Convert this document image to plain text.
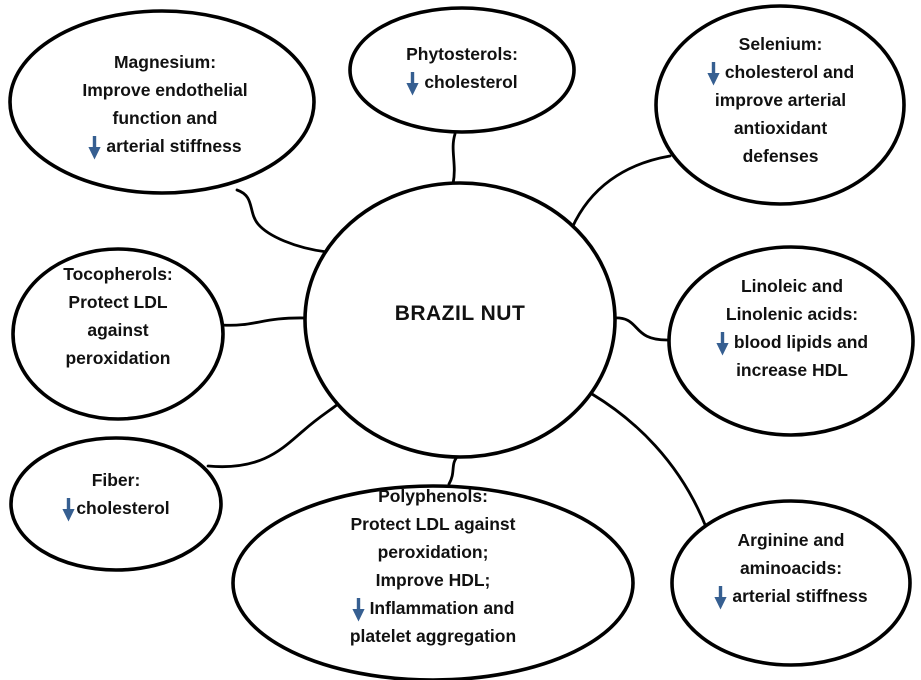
BRAZIL NUT
Magnesium:
Improve endothelial
function and
arterial stiffness
Phytosterols:
cholesterol
Selenium:
cholesterol and
improve arterial
antioxidant
defenses
Tocopherols:
Protect LDL
against
peroxidation
Linoleic and
Linolenic acids:
blood lipids and
increase HDL
Fiber:
cholesterol
Polyphenols:
Protect LDL against
peroxidation;
Improve HDL;
Inflammation and
platelet aggregation
Arginine and
aminoacids:
arterial stiffness
